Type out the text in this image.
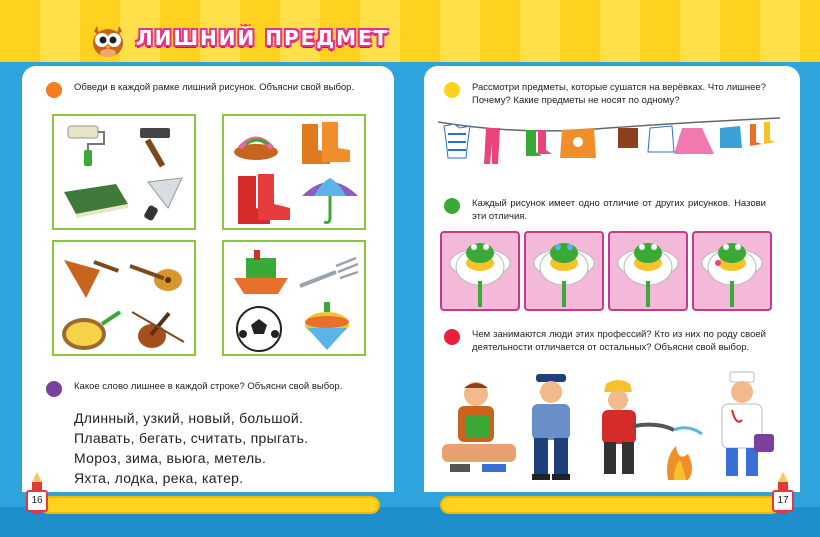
ЛИШНИЙ ПРЕДМЕТ
16	17
Обведи в каждой рамке лишний рисунок. Объясни свой выбор.
Какое слово лишнее в каждой строке? Объясни свой выбор.
Длинный, узкий, новый, большой.
Плавать, бегать, считать, прыгать.
Мороз, зима, вьюга, метель.
Яхта, лодка, река, катер.
Рассмотри предметы, которые сушатся на верёвках. Что лишнее? Почему? Какие предметы не носят по одному?
Каждый рисунок имеет одно отличие от других рисунков. Назови эти отличия.
Чем занимаются люди этих профессий? Кто из них по роду своей деятельности отличается от остальных? Объясни свой выбор.
